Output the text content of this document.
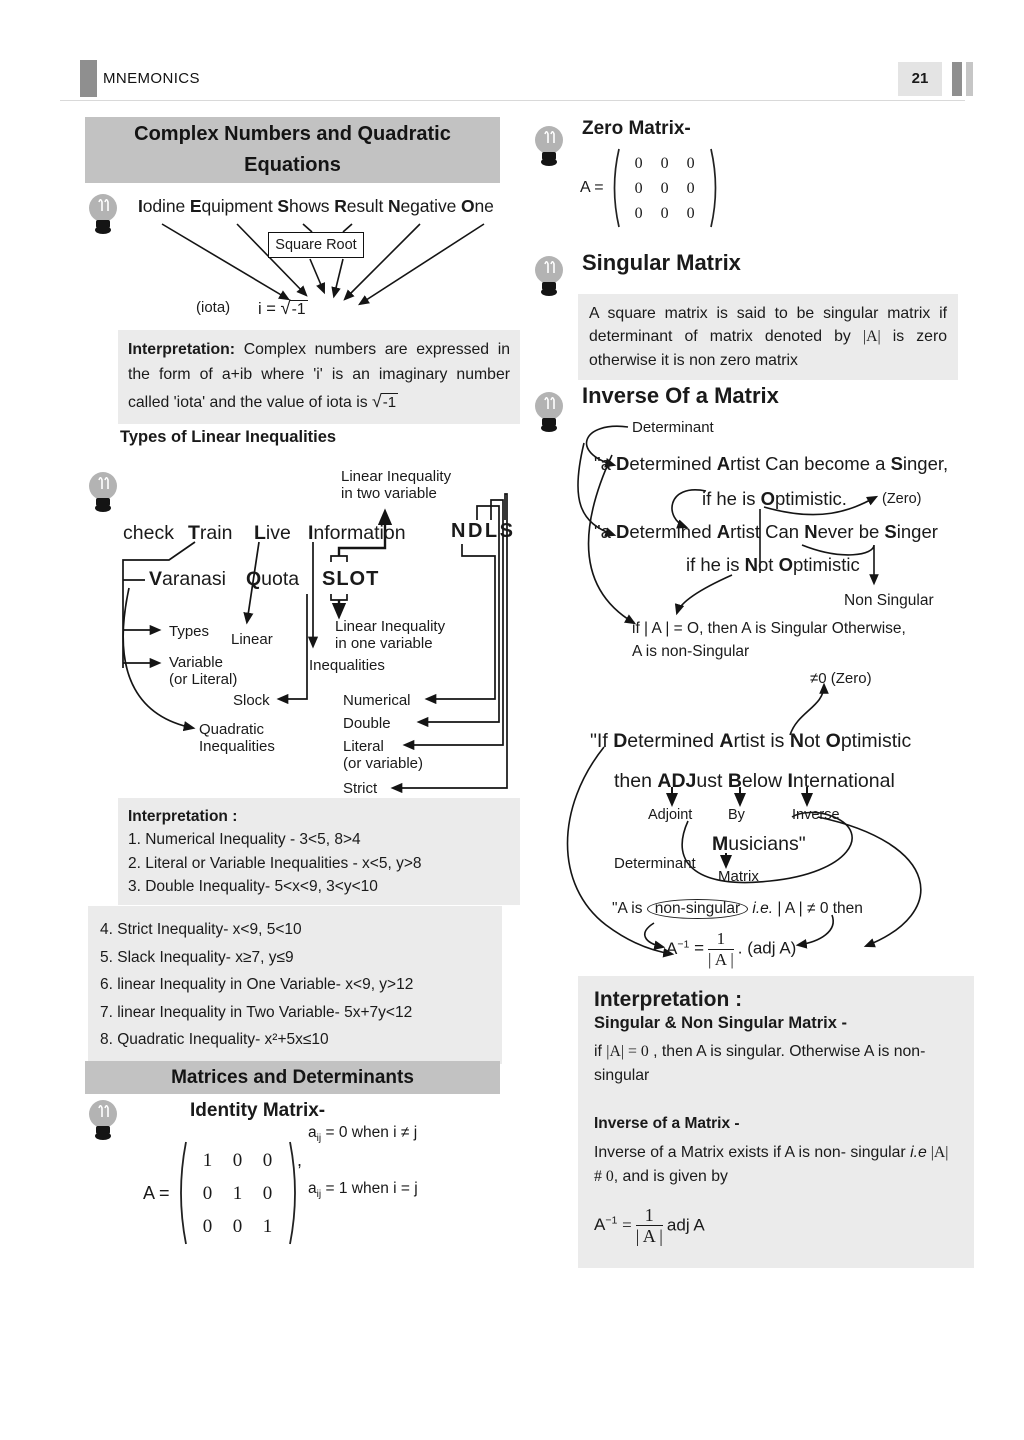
MNEMONICS	21
Complex Numbers and Quadratic Equations
Iodine Equipment Shows Result Negative One
Square Root
(iota) i = √-1
Interpretation: Complex numbers are expressed in the form of a+ib where 'i' is an imaginary number called 'iota' and the value of iota is √-1
Types of Linear Inequalities
Linear Inequality
in two variable
check Train Live Information NDLS
Varanasi Quota SLOT
Types Linear
Variable
(or Literal)
Linear Inequality
in one variable
Inequalities
Slock	Numerical
Double
Quadratic
Inequalities	Literal
(or variable)
Strict
Interpretation :
1. Numerical Inequality - 3<5, 8>4
2. Literal or Variable Inequalities - x<5, y>8
3. Double Inequality- 5<x<9, 3<y<10
4. Strict Inequality- x<9, 5<10
5. Slack Inequality- x≥7, y≤9
6. linear Inequality in One Variable- x<9, y>12
7. linear Inequality in Two Variable- 5x+7y<12
8. Quadratic Inequality- x²+5x≤10
Matrices and Determinants
Identity Matrix-
A =
1	0	0
0	1	0
0	0	1
,
$a_{ij} = 0$ when i ≠ j
$a_{ij} = 1$ when i = j
Zero Matrix-
A =
0	0	0
0	0	0
0	0	0
Singular Matrix
A square matrix is said to be singular matrix if determinant of matrix denoted by |A| is zero otherwise it is non zero matrix
Inverse Of a Matrix
Determinant
"a Determined Artist Can become a Singer,
if he is Optimistic. (Zero)
"a Determined Artist Can Never be Singer
if he is Not Optimistic
Non Singular
if | A | = O, then A is Singular Otherwise,
A is non-Singular
≠0 (Zero)
"If Determined Artist is Not Optimistic
then ADJust Below International
Adjoint By	Inverse
Musicians"
Determinant
Matrix
"A is non-singular i.e. | A | ≠ 0 then
$A^{-1} = \frac{1}{| A |}$ . (adj A)
Interpretation :
Singular & Non Singular Matrix -
if |A| = 0 , then A is singular. Otherwise A is non-singular
Inverse of a Matrix -
Inverse of a Matrix exists if A is non- singular i.e |A| # 0, and is given by
$A^{-1} = \frac{1}{| A |}$ adj A
